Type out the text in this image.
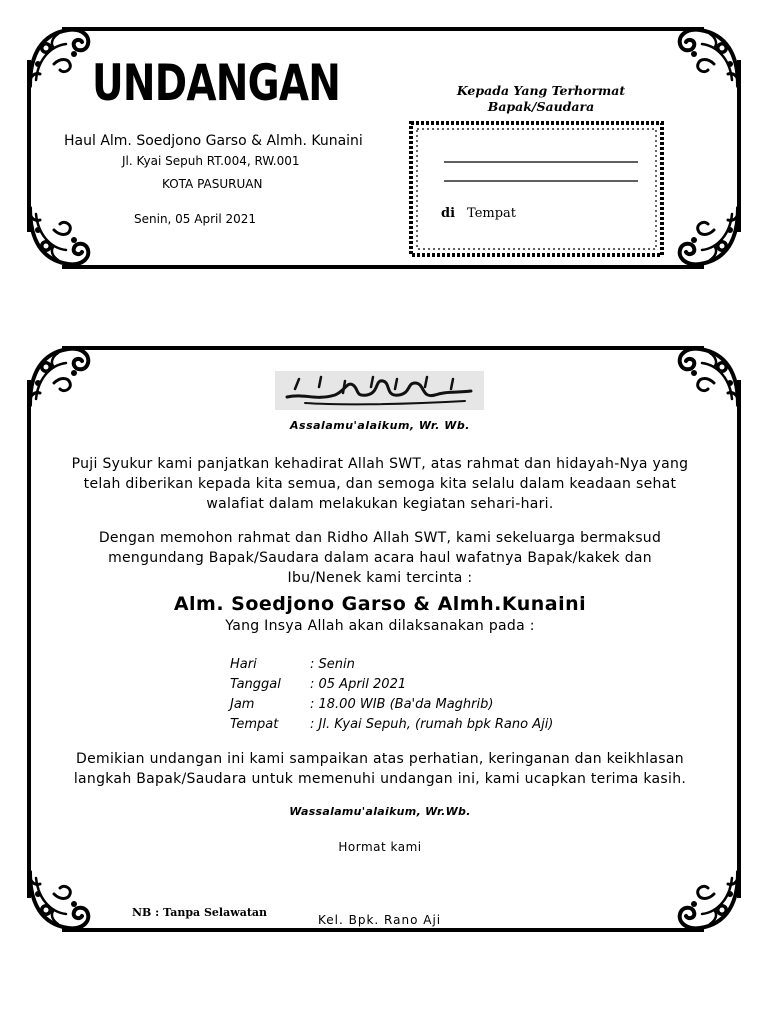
UNDANGAN
Haul Alm. Soedjono Garso & Almh. Kunaini
Jl. Kyai Sepuh RT.004, RW.001
KOTA PASURUAN
Senin, 05 April 2021
Kepada Yang Terhormat
Bapak/Saudara
di Tempat
Assalamu'alaikum, Wr. Wb.
Puji Syukur kami panjatkan kehadirat Allah SWT, atas rahmat dan hidayah-Nya yang telah diberikan kepada kita semua, dan semoga kita selalu dalam keadaan sehat walafiat dalam melakukan kegiatan sehari-hari.
Dengan memohon rahmat dan Ridho Allah SWT, kami sekeluarga bermaksud mengundang Bapak/Saudara dalam acara haul wafatnya Bapak/kakek dan Ibu/Nenek kami tercinta :
Alm. Soedjono Garso & Almh.Kunaini
Yang Insya Allah akan dilaksanakan pada :
Hari	: Senin
Tanggal	: 05 April 2021
Jam	: 18.00 WIB (Ba'da Maghrib)
Tempat	: Jl. Kyai Sepuh, (rumah bpk Rano Aji)
Demikian undangan ini kami sampaikan atas perhatian, keringanan dan keikhlasan langkah Bapak/Saudara untuk memenuhi undangan ini, kami ucapkan terima kasih.
Wassalamu'alaikum, Wr.Wb.
Hormat kami
NB : Tanpa Selawatan
Kel. Bpk. Rano Aji
